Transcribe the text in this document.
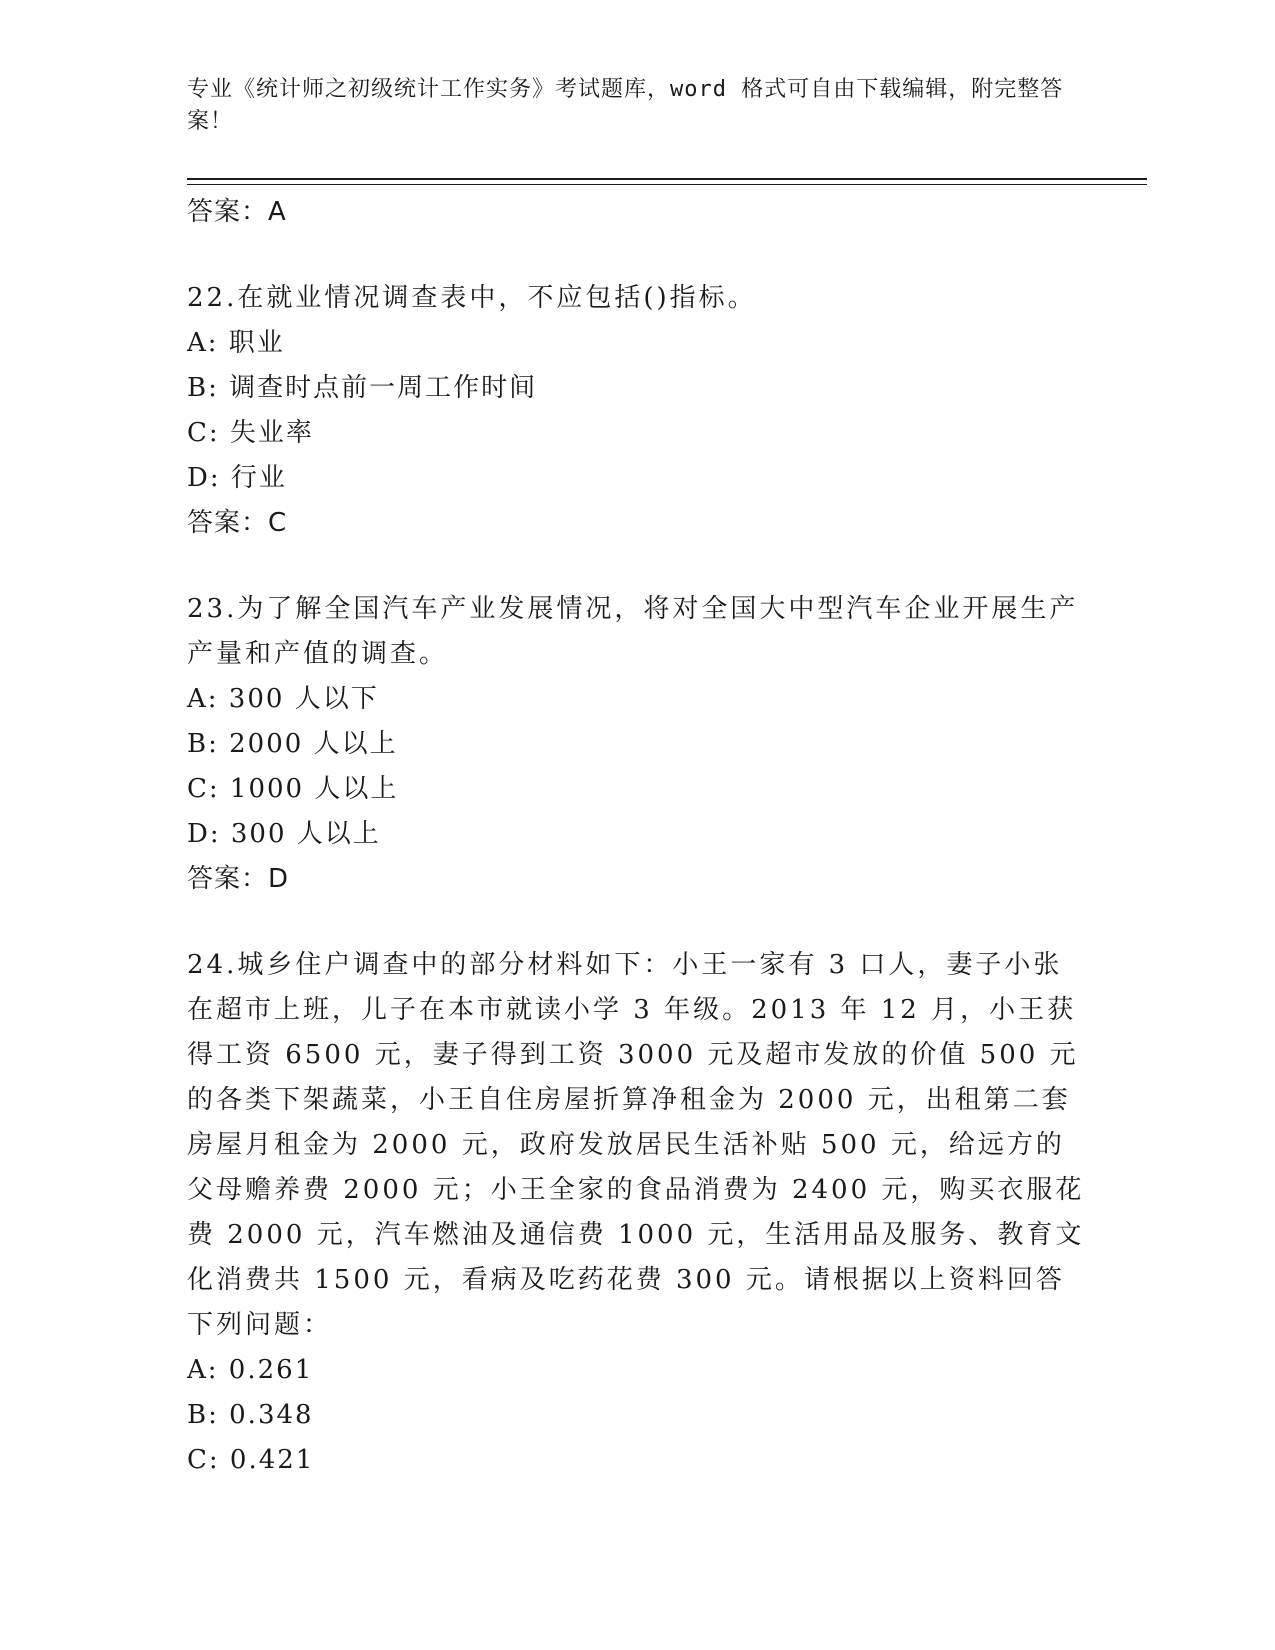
专业《统计师之初级统计工作实务》考试题库，word 格式可自由下载编辑，附完整答案！

答案：A

22.在就业情况调查表中，不应包括()指标。

A: 职业

B: 调查时点前一周工作时间

C: 失业率

D: 行业

答案：C

23.为了解全国汽车产业发展情况，将对全国大中型汽车企业开展生产产量和产值的调查。

A: 300 人以下

B: 2000 人以上

C: 1000 人以上

D: 300 人以上

答案：D

24.城乡住户调查中的部分材料如下：小王一家有 3 口人，妻子小张在超市上班，儿子在本市就读小学 3 年级。2013 年 12 月，小王获得工资 6500 元，妻子得到工资 3000 元及超市发放的价值 500 元的各类下架蔬菜，小王自住房屋折算净租金为 2000 元，出租第二套房屋月租金为 2000 元，政府发放居民生活补贴 500 元，给远方的父母赡养费 2000 元；小王全家的食品消费为 2400 元，购买衣服花费 2000 元，汽车燃油及通信费 1000 元，生活用品及服务、教育文化消费共 1500 元，看病及吃药花费 300 元。请根据以上资料回答下列问题：

A: 0.261

B: 0.348

C: 0.421
